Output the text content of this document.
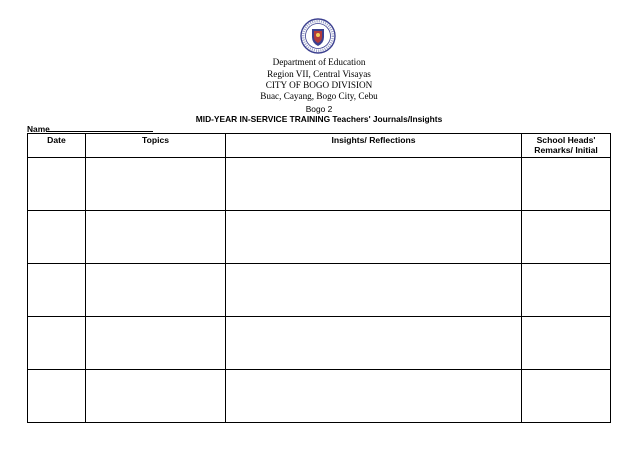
Department of Education
Region VII, Central Visayas
CITY OF BOGO DIVISION
Buac, Cayang, Bogo City, Cebu
Bogo 2
MID-YEAR IN-SERVICE TRAINING Teachers' Journals/Insights
Name
Date	Topics	Insights/ Reflections	School Heads' Remarks/ Initial
